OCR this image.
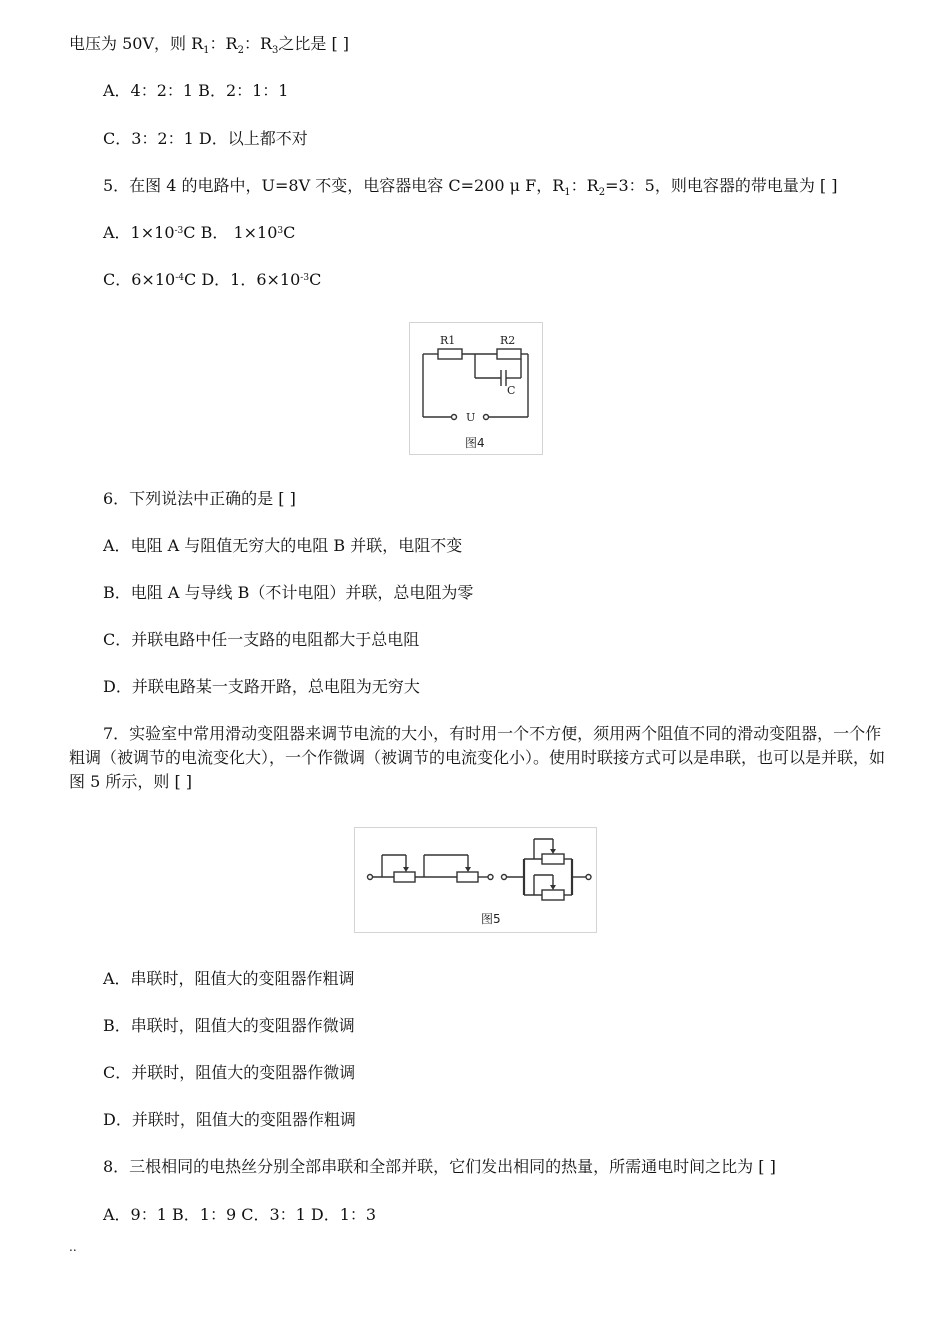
电压为 50V，则 $R_1$：$R_2$：$R_3$之比是 [ ]
A．4：2：1 B．2：1：1
C．3：2：1 D．以上都不对
5．在图 4 的电路中，U=8V 不变，电容器电容 C=200 μ F，$R_1$：$R_2=3$：5，则电容器的带电量为 [ ]
A．$1\times 10^{-3}C$ B． $1\times 10^3C$
C．$6\times 10^{-4}C$ D．1．$6\times 10^{-3}C$
R1	R2
C
U
图4
6．下列说法中正确的是 [ ]
A．电阻 A 与阻值无穷大的电阻 B 并联，电阻不变
B．电阻 A 与导线 B（不计电阻）并联，总电阻为零
C．并联电路中任一支路的电阻都大于总电阻
D．并联电路某一支路开路，总电阻为无穷大
7．实验室中常用滑动变阻器来调节电流的大小，有时用一个不方便，须用两个阻值不同的滑动变阻器，一个作粗调（被调节的电流变化大），一个作微调（被调节的电流变化小）。使用时联接方式可以是串联，也可以是并联，如图 5 所示，则 [ ]
图5
A．串联时，阻值大的变阻器作粗调
B．串联时，阻值大的变阻器作微调
C．并联时，阻值大的变阻器作微调
D．并联时，阻值大的变阻器作粗调
8．三根相同的电热丝分别全部串联和全部并联，它们发出相同的热量，所需通电时间之比为 [ ]
A．9：1 B．1：9 C．3：1 D．1：3
..
